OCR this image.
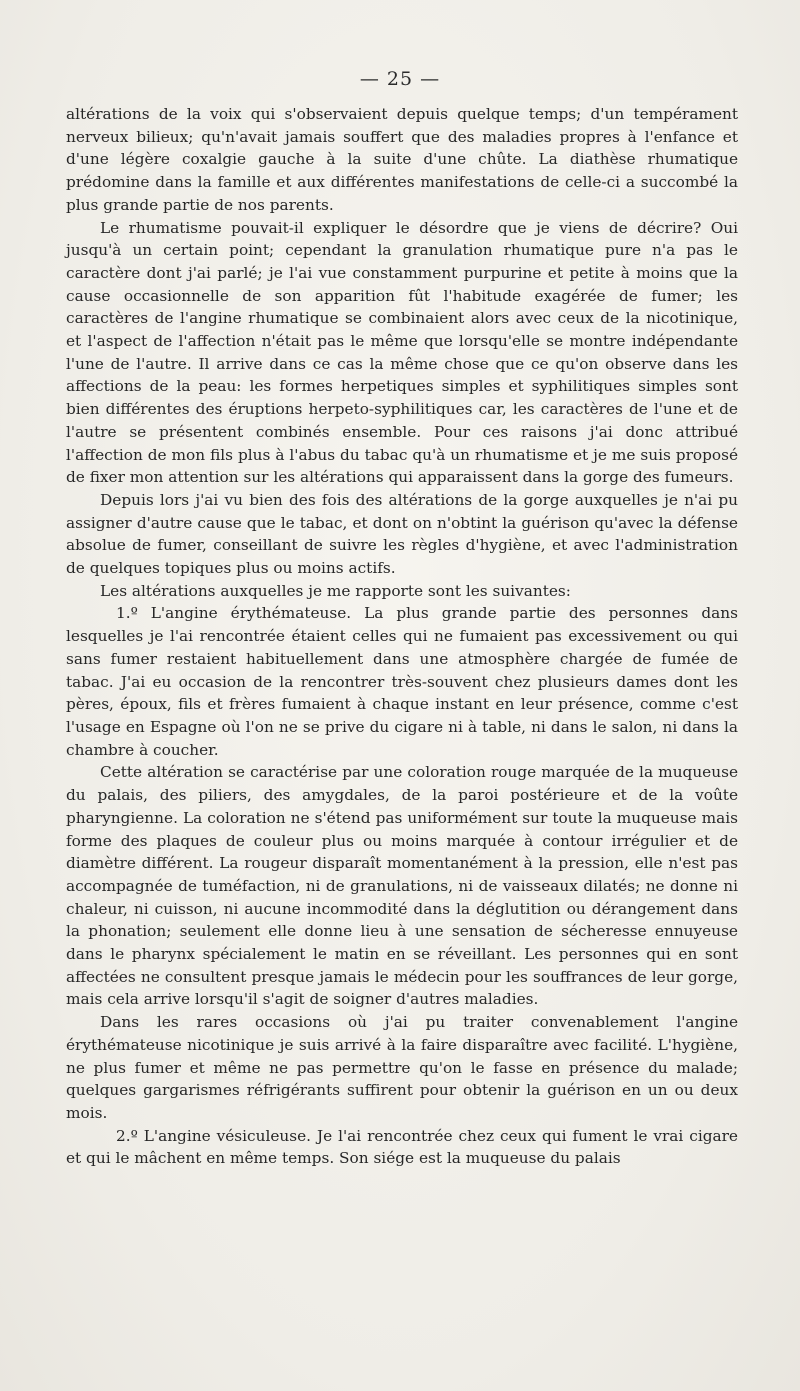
— 25 —

altérations de la voix qui s'observaient depuis quelque temps; d'un tempérament nerveux bilieux; qu'n'avait jamais souffert que des maladies propres à l'enfance et d'une légère coxalgie gauche à la suite d'une chûte. La diathèse rhumatique prédomine dans la famille et aux différentes manifestations de celle-ci a succombé la plus grande partie de nos parents.

Le rhumatisme pouvait-il expliquer le désordre que je viens de décrire? Oui jusqu'à un certain point; cependant la granulation rhumatique pure n'a pas le caractère dont j'ai parlé; je l'ai vue constamment purpurine et petite à moins que la cause occasionnelle de son apparition fût l'habitude exagérée de fumer; les caractères de l'angine rhumatique se combinaient alors avec ceux de la nicotinique, et l'aspect de l'affection n'était pas le même que lorsqu'elle se montre indépendante l'une de l'autre. Il arrive dans ce cas la même chose que ce qu'on observe dans les affections de la peau: les formes herpetiques simples et syphilitiques simples sont bien différentes des éruptions herpeto-syphilitiques car, les caractères de l'une et de l'autre se présentent combinés ensemble. Pour ces raisons j'ai donc attribué l'affection de mon fils plus à l'abus du tabac qu'à un rhumatisme et je me suis proposé de fixer mon attention sur les altérations qui apparaissent dans la gorge des fumeurs.

Depuis lors j'ai vu bien des fois des altérations de la gorge auxquelles je n'ai pu assigner d'autre cause que le tabac, et dont on n'obtint la guérison qu'avec la défense absolue de fumer, conseillant de suivre les règles d'hygiène, et avec l'administration de quelques topiques plus ou moins actifs.

Les altérations auxquelles je me rapporte sont les suivantes:

1.º L'angine érythémateuse. La plus grande partie des personnes dans lesquelles je l'ai rencontrée étaient celles qui ne fumaient pas excessivement ou qui sans fumer restaient habituellement dans une atmosphère chargée de fumée de tabac. J'ai eu occasion de la rencontrer très-souvent chez plusieurs dames dont les pères, époux, fils et frères fumaient à chaque instant en leur présence, comme c'est l'usage en Espagne où l'on ne se prive du cigare ni à table, ni dans le salon, ni dans la chambre à coucher.

Cette altération se caractérise par une coloration rouge marquée de la muqueuse du palais, des piliers, des amygdales, de la paroi postérieure et de la voûte pharyngienne. La coloration ne s'étend pas uniformément sur toute la muqueuse mais forme des plaques de couleur plus ou moins marquée à contour irrégulier et de diamètre différent. La rougeur disparaît momentanément à la pression, elle n'est pas accompagnée de tuméfaction, ni de granulations, ni de vaisseaux dilatés; ne donne ni chaleur, ni cuisson, ni aucune incommodité dans la déglutition ou dérangement dans la phonation; seulement elle donne lieu à une sensation de sécheresse ennuyeuse dans le pharynx spécialement le matin en se réveillant. Les personnes qui en sont affectées ne consultent presque jamais le médecin pour les souffrances de leur gorge, mais cela arrive lorsqu'il s'agit de soigner d'autres maladies.

Dans les rares occasions où j'ai pu traiter convenablement l'angine érythémateuse nicotinique je suis arrivé à la faire disparaître avec facilité. L'hygiène, ne plus fumer et même ne pas permettre qu'on le fasse en présence du malade; quelques gargarismes réfrigérants suffirent pour obtenir la guérison en un ou deux mois.

2.º L'angine vésiculeuse. Je l'ai rencontrée chez ceux qui fument le vrai cigare et qui le mâchent en même temps. Son siége est la muqueuse du palais
